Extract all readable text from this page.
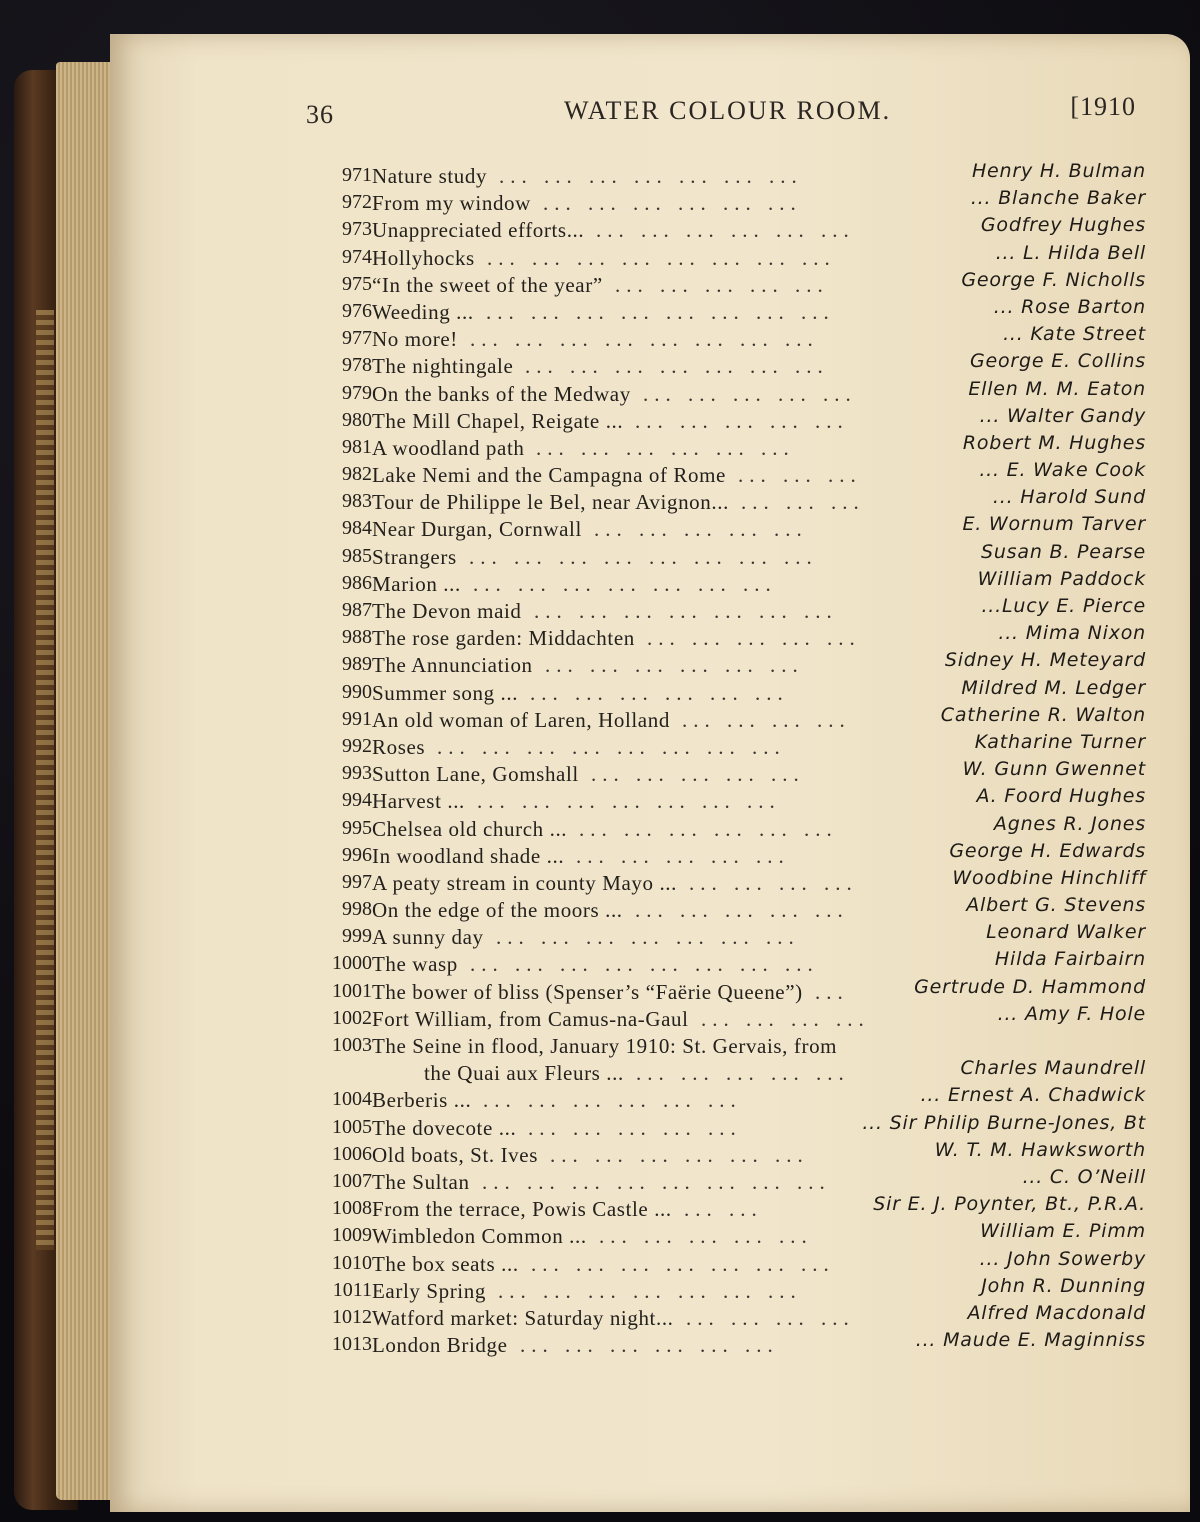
36	WATER COLOUR ROOM.	[1910
971 Nature study	Henry H. Bulman
... ... ... ... ... ... ...
972 From my window	... Blanche Baker
... ... ... ... ... ...
973 Unappreciated efforts...	Godfrey Hughes
... ... ... ... ... ...
974 Hollyhocks	... L. Hilda Bell
... ... ... ... ... ... ... ...
975 “In the sweet of the year”	George F. Nicholls
... ... ... ... ...
976 Weeding ...	... Rose Barton
... ... ... ... ... ... ... ...
977 No more!	... Kate Street
... ... ... ... ... ... ... ...
978 The nightingale	George E. Collins
... ... ... ... ... ... ...
979 On the banks of the Medway	Ellen M. M. Eaton
... ... ... ... ...
980 The Mill Chapel, Reigate ...	... Walter Gandy
... ... ... ... ...
981 A woodland path	Robert M. Hughes
... ... ... ... ... ...
982 Lake Nemi and the Campagna of Rome	... E. Wake Cook
... ... ...
983 Tour de Philippe le Bel, near Avignon...	... Harold Sund
... ... ...
984 Near Durgan, Cornwall	E. Wornum Tarver
... ... ... ... ...
985 Strangers	Susan B. Pearse
... ... ... ... ... ... ... ...
986 Marion ...	William Paddock
... ... ... ... ... ... ...
987 The Devon maid	...Lucy E. Pierce
... ... ... ... ... ... ...
988 The rose garden: Middachten	... Mima Nixon
... ... ... ... ...
989 The Annunciation	Sidney H. Meteyard
... ... ... ... ... ...
990 Summer song ...	Mildred M. Ledger
... ... ... ... ... ...
991 An old woman of Laren, Holland	Catherine R. Walton
... ... ... ...
992 Roses	Katharine Turner
... ... ... ... ... ... ... ...
993 Sutton Lane, Gomshall	W. Gunn Gwennet
... ... ... ... ...
994 Harvest ...	A. Foord Hughes
... ... ... ... ... ... ...
995 Chelsea old church ...	Agnes R. Jones
... ... ... ... ... ...
996 In woodland shade ...	George H. Edwards
... ... ... ... ...
997 A peaty stream in county Mayo ...	Woodbine Hinchliff
... ... ... ...
998 On the edge of the moors ...	Albert G. Stevens
... ... ... ... ...
999 A sunny day	Leonard Walker
... ... ... ... ... ... ...
1000 The wasp	Hilda Fairbairn
... ... ... ... ... ... ... ...
1001 The bower of bliss (Spenser’s “Faërie Queene”)	Gertrude D. Hammond
...
1002 Fort William, from Camus-na-Gaul	... Amy F. Hole
... ... ... ...
1003 The Seine in flood, January 1910: St. Gervais, from
the Quai aux Fleurs ...	Charles Maundrell
... ... ... ... ...
1004 Berberis ...	... Ernest A. Chadwick
... ... ... ... ... ...
1005 The dovecote ...	... Sir Philip Burne-Jones, Bt
... ... ... ... ...
1006 Old boats, St. Ives	W. T. M. Hawksworth
... ... ... ... ... ...
1007 The Sultan	... C. O’Neill
... ... ... ... ... ... ... ...
1008 From the terrace, Powis Castle ...	Sir E. J. Poynter, Bt., P.R.A.
... ...
1009 Wimbledon Common ...	William E. Pimm
... ... ... ... ...
1010 The box seats ...	... John Sowerby
... ... ... ... ... ... ...
1011 Early Spring	John R. Dunning
... ... ... ... ... ... ...
1012 Watford market: Saturday night...	Alfred Macdonald
... ... ... ...
1013 London Bridge	... Maude E. Maginniss
... ... ... ... ... ...
